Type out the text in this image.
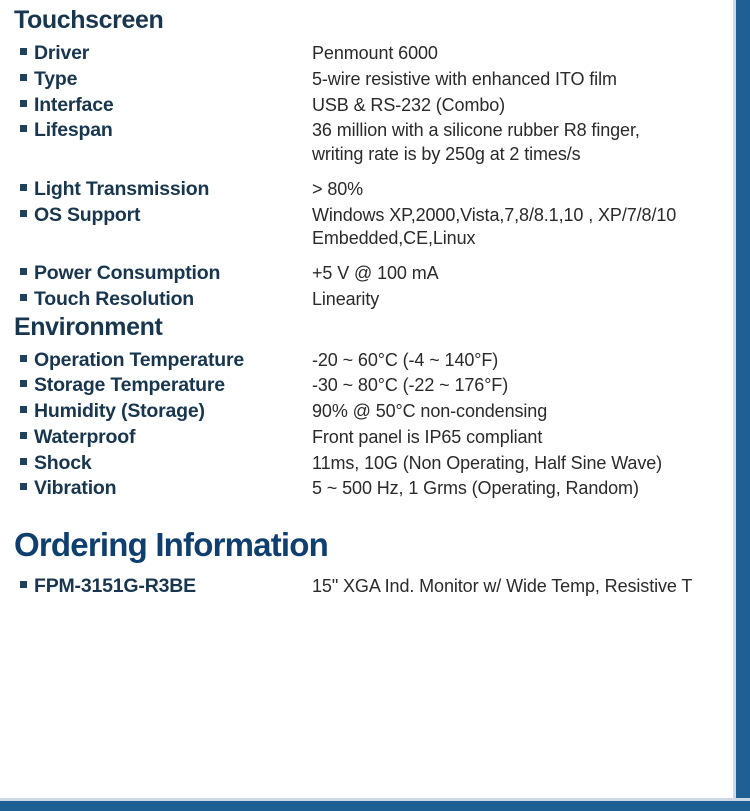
Touchscreen
	Driver	Penmount 6000

	Type	5-wire resistive with enhanced ITO film

	Interface	USB & RS-232 (Combo)

	Lifespan	36 million with a silicone rubber R8 finger,
writing rate is by 250g at 2 times/s

	Light Transmission	> 80%

	OS Support	Windows XP,2000,Vista,7,8/8.1,10 , XP/7/8/10
Embedded,CE,Linux

	Power Consumption	+5 V @ 100 mA

	Touch Resolution	Linearity
Environment
	Operation Temperature	-20 ~ 60°C (-4 ~ 140°F)

	Storage Temperature	-30 ~ 80°C (-22 ~ 176°F)

	Humidity (Storage)	90% @ 50°C non-condensing

	Waterproof	Front panel is IP65 compliant

	Shock	11ms, 10G (Non Operating, Half Sine Wave)

	Vibration	5 ~ 500 Hz, 1 Grms (Operating, Random)
Ordering Information
	FPM-3151G-R3BE	15" XGA Ind. Monitor w/ Wide Temp, Resistive T
